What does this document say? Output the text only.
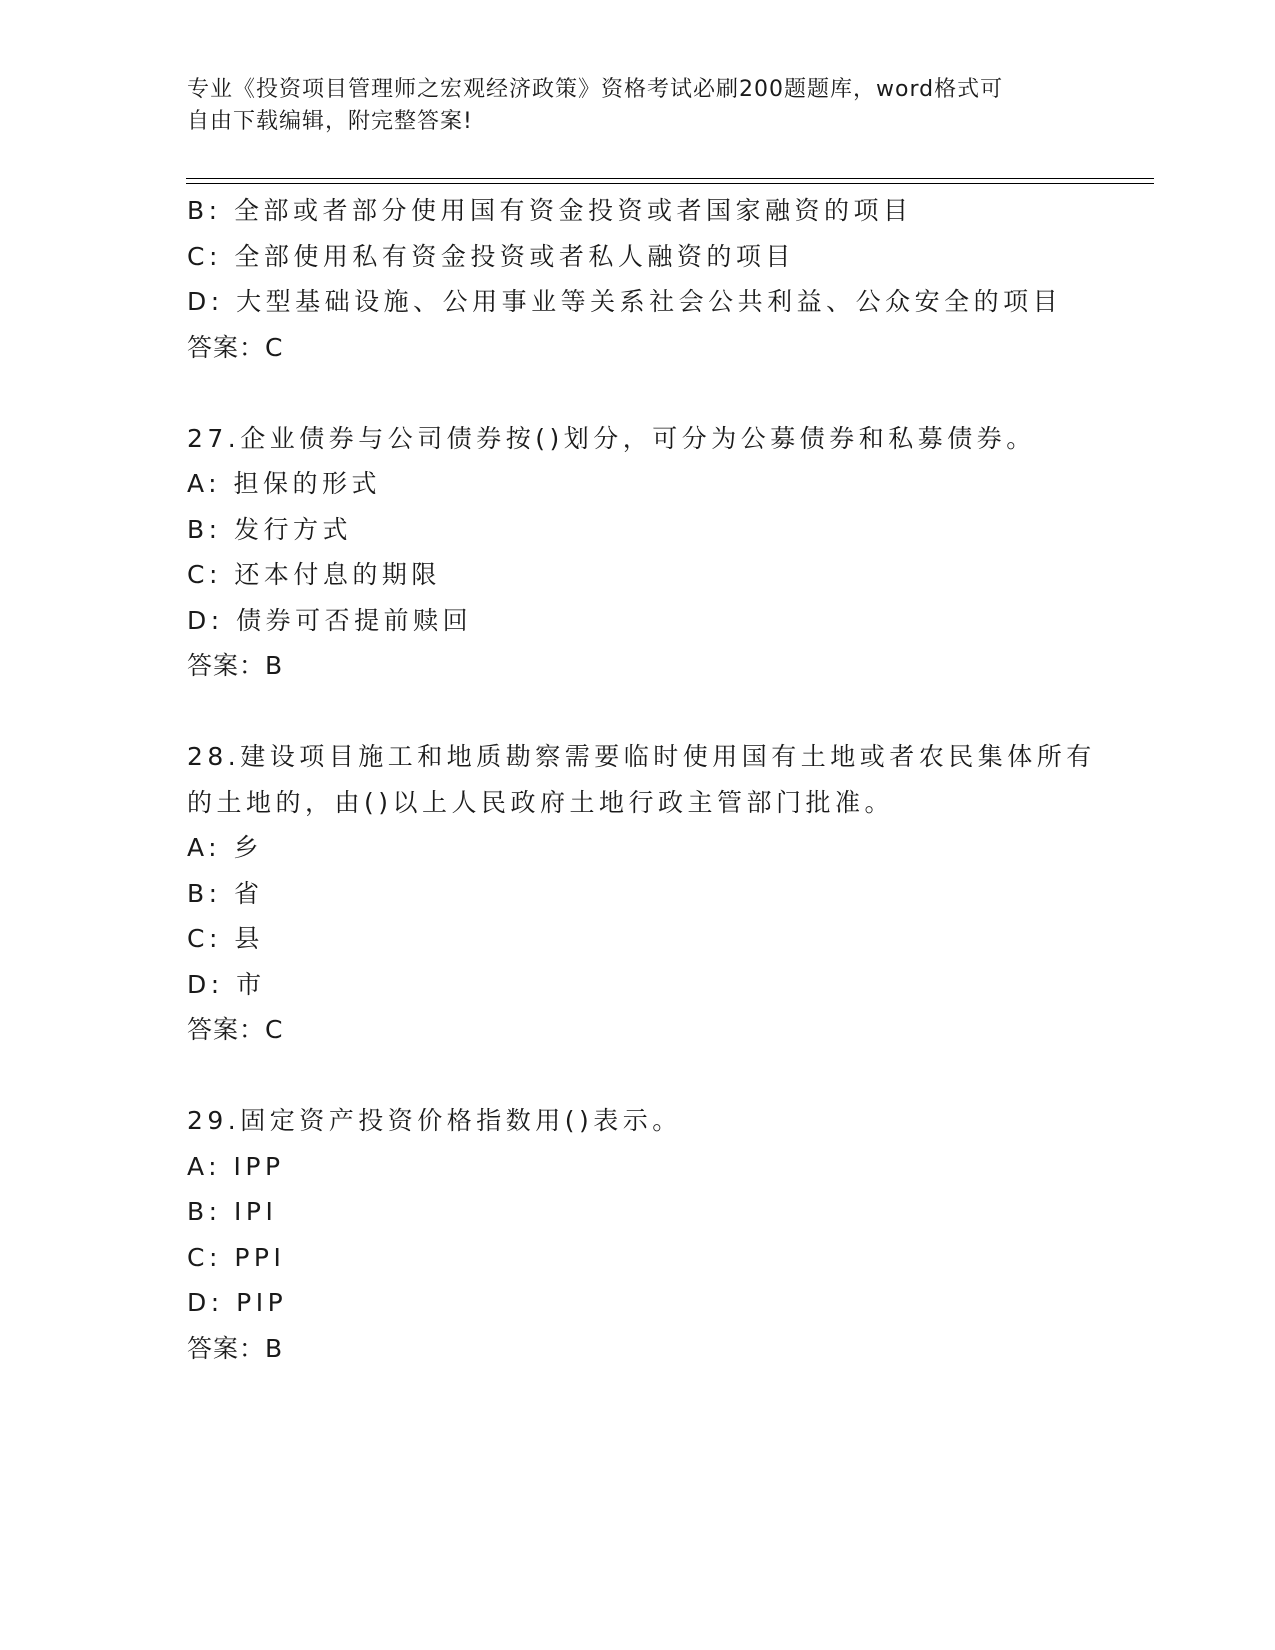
专业《投资项目管理师之宏观经济政策》资格考试必刷200题题库，word格式可
自由下载编辑，附完整答案!
B: 全部或者部分使用国有资金投资或者国家融资的项目
C: 全部使用私有资金投资或者私人融资的项目
D: 大型基础设施、公用事业等关系社会公共利益、公众安全的项目
答案：C
27.企业债券与公司债券按()划分，可分为公募债券和私募债券。
A: 担保的形式
B: 发行方式
C: 还本付息的期限
D: 债券可否提前赎回
答案：B
28.建设项目施工和地质勘察需要临时使用国有土地或者农民集体所有
的土地的，由()以上人民政府土地行政主管部门批准。
A: 乡
B: 省
C: 县
D: 市
答案：C
29.固定资产投资价格指数用()表示。
A: IPP
B: IPI
C: PPI
D: PIP
答案：B
